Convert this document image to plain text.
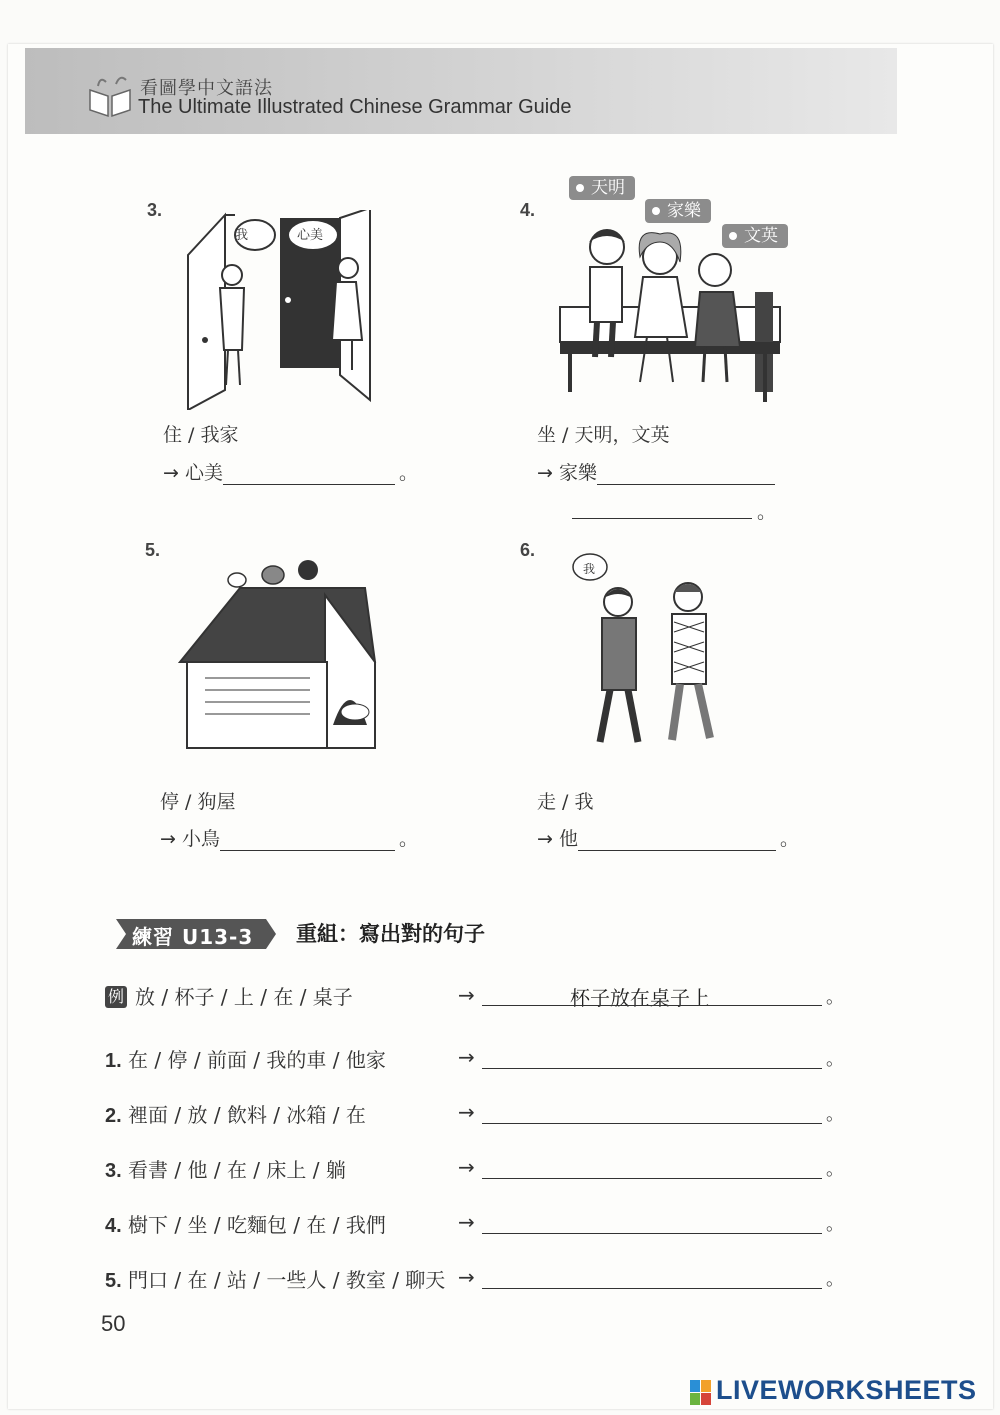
看圖學中文語法
The Ultimate Illustrated Chinese Grammar Guide
3.
我	心美
住 / 我家
→ 心美	。
4.
天明
家樂
文英
坐 / 天明，文英
→ 家樂
。
5.
停 / 狗屋
→ 小鳥	。
6.
我
走 / 我
→ 他	。
練習 U13-3 重組：寫出對的句子
例 放 / 杯子 / 上 / 在 / 桌子	→	杯子放在桌子上	。
1. 在 / 停 / 前面 / 我的車 / 他家	→	。
2. 裡面 / 放 / 飲料 / 冰箱 / 在	→	。
3. 看書 / 他 / 在 / 床上 / 躺	→	。
4. 樹下 / 坐 / 吃麵包 / 在 / 我們	→	。
5. 門口 / 在 / 站 / 一些人 / 教室 / 聊天 →	。
50
LIVEWORKSHEETS
